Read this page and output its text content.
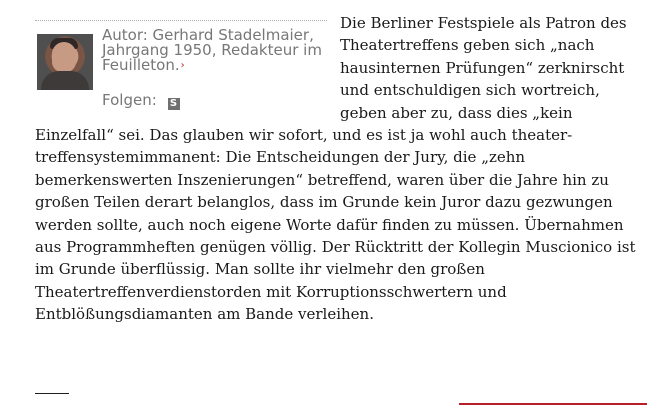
Autor: Gerhard Stadelmaier, Jahrgang 1950, Redakteur im Feuilleton.›
Folgen: S

Die Berliner Festspiele als Patron des Theatertreffens geben sich „nach hausinternen Prüfungen“ zerknirscht und entschuldigen sich wortreich, geben aber zu, dass dies „kein Einzelfall“ sei. Das glauben wir sofort, und es ist ja wohl auch theater-treffensystemimmanent: Die Entscheidungen der Jury, die „zehn bemerkenswerten Inszenierungen“ betreffend, waren über die Jahre hin zu großen Teilen derart belanglos, dass im Grunde kein Juror dazu gezwungen werden sollte, auch noch eigene Worte dafür finden zu müssen. Übernahmen aus Programmheften genügen völlig. Der Rücktritt der Kollegin Muscionico ist im Grunde überflüssig. Man sollte ihr vielmehr den großen Theatertreffenverdienstorden mit Korruptionsschwertern und Entblößungsdiamanten am Bande verleihen.
